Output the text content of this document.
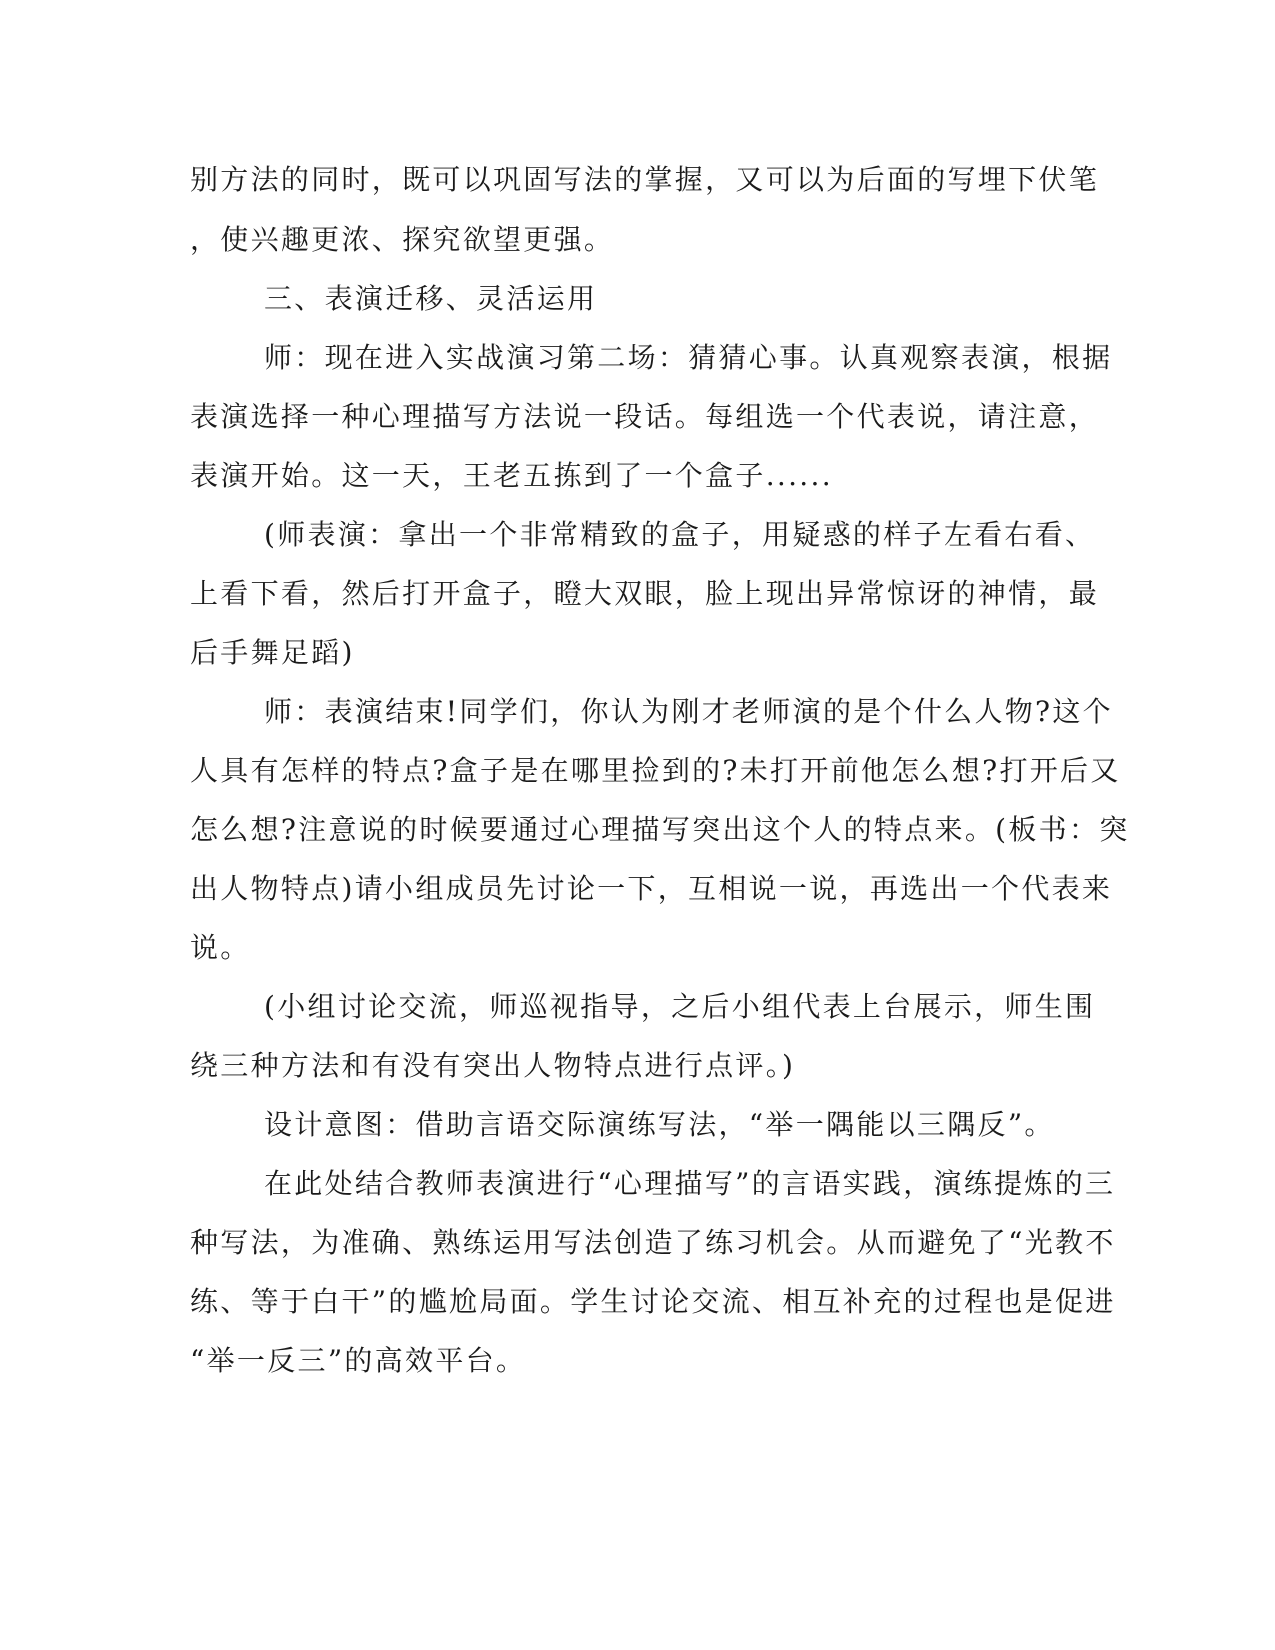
别方法的同时，既可以巩固写法的掌握，又可以为后面的写埋下伏笔
，使兴趣更浓、探究欲望更强。
三、表演迁移、灵活运用
师：现在进入实战演习第二场：猜猜心事。认真观察表演，根据
表演选择一种心理描写方法说一段话。每组选一个代表说，请注意，
表演开始。这一天，王老五拣到了一个盒子......
(师表演：拿出一个非常精致的盒子，用疑惑的样子左看右看、
上看下看，然后打开盒子，瞪大双眼，脸上现出异常惊讶的神情，最
后手舞足蹈)
师：表演结束!同学们，你认为刚才老师演的是个什么人物?这个
人具有怎样的特点?盒子是在哪里捡到的?未打开前他怎么想?打开后又
怎么想?注意说的时候要通过心理描写突出这个人的特点来。(板书：突
出人物特点)请小组成员先讨论一下，互相说一说，再选出一个代表来
说。
(小组讨论交流，师巡视指导，之后小组代表上台展示，师生围
绕三种方法和有没有突出人物特点进行点评。)
设计意图：借助言语交际演练写法，“举一隅能以三隅反”。
在此处结合教师表演进行“心理描写”的言语实践，演练提炼的三
种写法，为准确、熟练运用写法创造了练习机会。从而避免了“光教不
练、等于白干”的尴尬局面。学生讨论交流、相互补充的过程也是促进
“举一反三”的高效平台。
